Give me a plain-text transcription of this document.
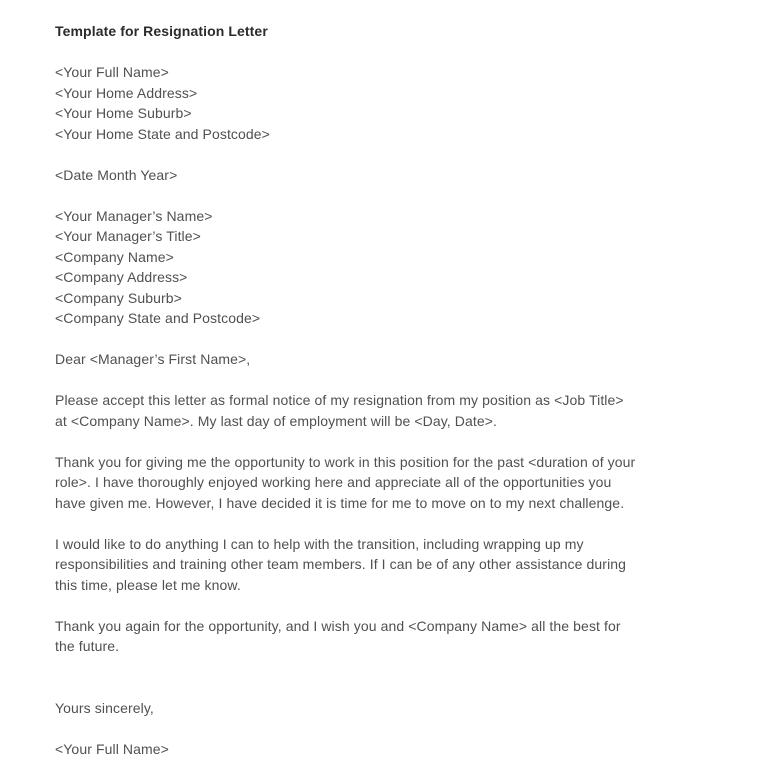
Template for Resignation Letter

<Your Full Name>
<Your Home Address>
<Your Home Suburb>
<Your Home State and Postcode>

<Date Month Year>

<Your Manager’s Name>
<Your Manager’s Title>
<Company Name>
<Company Address>
<Company Suburb>
<Company State and Postcode>

Dear <Manager’s First Name>,

Please accept this letter as formal notice of my resignation from my position as <Job Title>
at <Company Name>. My last day of employment will be <Day, Date>.
Thank you for giving me the opportunity to work in this position for the past <duration of your
role>. I have thoroughly enjoyed working here and appreciate all of the opportunities you
have given me. However, I have decided it is time for me to move on to my next challenge.
I would like to do anything I can to help with the transition, including wrapping up my
responsibilities and training other team members. If I can be of any other assistance during
this time, please let me know.
Thank you again for the opportunity, and I wish you and <Company Name> all the best for
the future.

Yours sincerely,

<Your Full Name>
